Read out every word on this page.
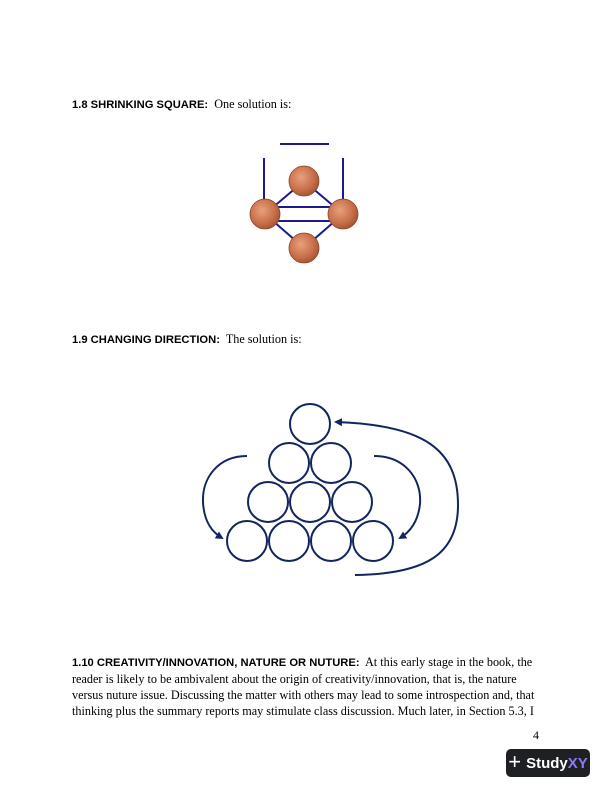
1.8 SHRINKING SQUARE: One solution is:
1.9 CHANGING DIRECTION: The solution is:
1.10 CREATIVITY/INNOVATION, NATURE OR NUTURE: At this early stage in the book, the
reader is likely to be ambivalent about the origin of creativity/innovation, that is, the nature
versus nuture issue. Discussing the matter with others may lead to some introspection and, that
thinking plus the summary reports may stimulate class discussion. Much later, in Section 5.3, I
4
+ StudyXY
